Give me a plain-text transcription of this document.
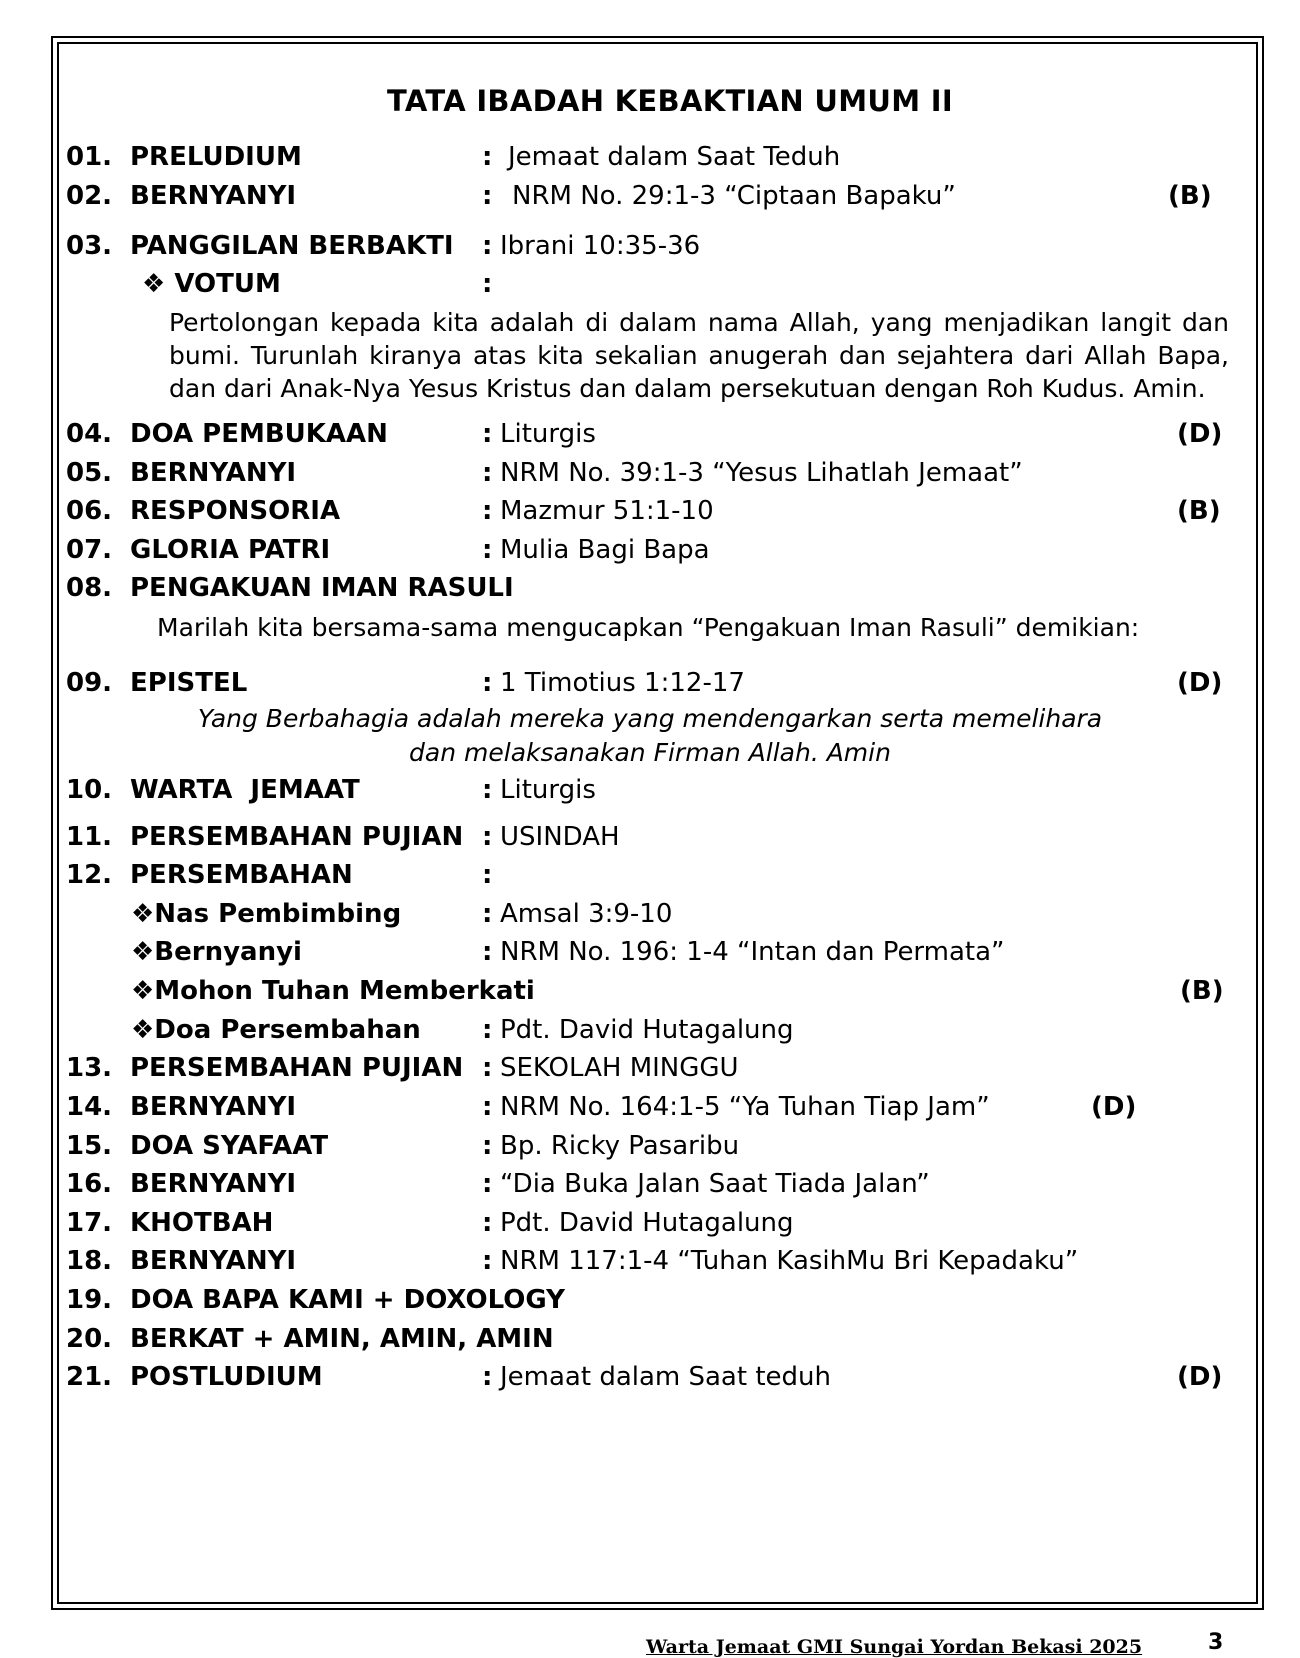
TATA IBADAH KEBAKTIAN UMUM II
01. PRELUDIUM	: Jemaat dalam Saat Teduh
02. BERNYANYI	: NRM No. 29:1-3 “Ciptaan Bapaku”	(B)
03. PANGGILAN BERBAKTI : Ibrani 10:35-36
❖ VOTUM	:
Pertolongan kepada kita adalah di dalam nama Allah, yang menjadikan langit dan
bumi. Turunlah kiranya atas kita sekalian anugerah dan sejahtera dari Allah Bapa,
dan dari Anak-Nya Yesus Kristus dan dalam persekutuan dengan Roh Kudus. Amin.
04. DOA PEMBUKAAN	: Liturgis	(D)
05. BERNYANYI	: NRM No. 39:1-3 “Yesus Lihatlah Jemaat”
06. RESPONSORIA	: Mazmur 51:1-10	(B)
07. GLORIA PATRI	: Mulia Bagi Bapa
08. PENGAKUAN IMAN RASULI
Marilah kita bersama-sama mengucapkan “Pengakuan Iman Rasuli” demikian:
09. EPISTEL	: 1 Timotius 1:12-17	(D)
Yang Berbahagia adalah mereka yang mendengarkan serta memelihara
dan melaksanakan Firman Allah. Amin
10. WARTA  JEMAAT	: Liturgis
11. PERSEMBAHAN PUJIAN : USINDAH
12. PERSEMBAHAN	:
❖Nas Pembimbing	: Amsal 3:9-10
❖Bernyanyi	: NRM No. 196: 1-4 “Intan dan Permata”
❖Mohon Tuhan Memberkati	(B)
❖Doa Persembahan : Pdt. David Hutagalung
13. PERSEMBAHAN PUJIAN : SEKOLAH MINGGU
14. BERNYANYI	: NRM No. 164:1-5 “Ya Tuhan Tiap Jam”	(D)
15. DOA SYAFAAT	: Bp. Ricky Pasaribu
16. BERNYANYI	: “Dia Buka Jalan Saat Tiada Jalan”
17. KHOTBAH	: Pdt. David Hutagalung
18. BERNYANYI	: NRM 117:1-4 “Tuhan KasihMu Bri Kepadaku”
19. DOA BAPA KAMI + DOXOLOGY
20. BERKAT + AMIN, AMIN, AMIN
21. POSTLUDIUM	: Jemaat dalam Saat teduh	(D)
Warta Jemaat GMI Sungai Yordan Bekasi 2025	3
